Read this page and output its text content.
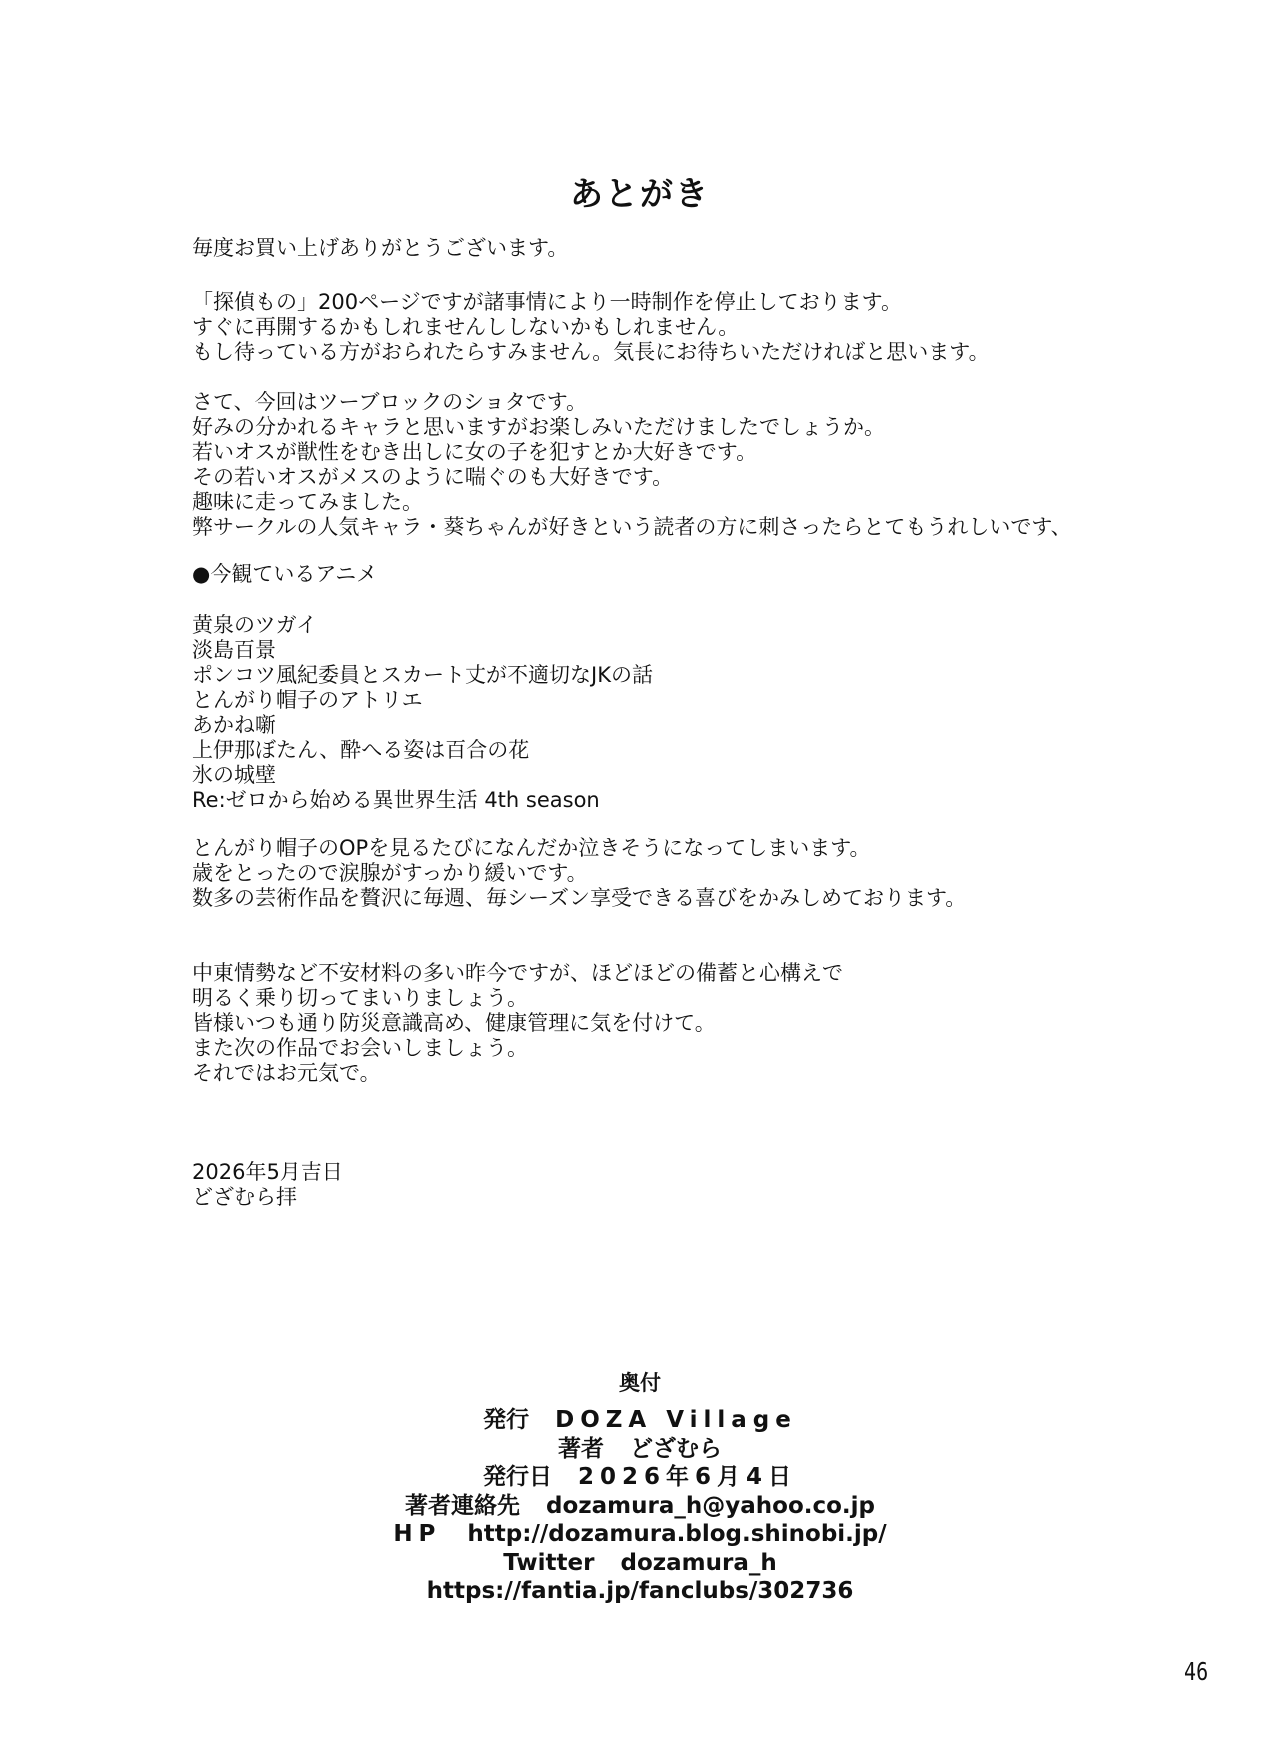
あとがき

毎度お買い上げありがとうございます。

「探偵もの」200ページですが諸事情により一時制作を停止しております。

すぐに再開するかもしれませんししないかもしれません。

もし待っている方がおられたらすみません。気長にお待ちいただければと思います。

さて、今回はツーブロックのショタです。

好みの分かれるキャラと思いますがお楽しみいただけましたでしょうか。

若いオスが獣性をむき出しに女の子を犯すとか大好きです。

その若いオスがメスのように喘ぐのも大好きです。

趣味に走ってみました。

弊サークルの人気キャラ・葵ちゃんが好きという読者の方に刺さったらとてもうれしいです、

●今観ているアニメ

黄泉のツガイ

淡島百景

ポンコツ風紀委員とスカート丈が不適切なJKの話

とんがり帽子のアトリエ

あかね噺

上伊那ぼたん、酔へる姿は百合の花

氷の城壁

Re:ゼロから始める異世界生活 4th season

とんがり帽子のOPを見るたびになんだか泣きそうになってしまいます。

歳をとったので涙腺がすっかり緩いです。

数多の芸術作品を贅沢に毎週、毎シーズン享受できる喜びをかみしめております。

中東情勢など不安材料の多い昨今ですが、ほどほどの備蓄と心構えで

明るく乗り切ってまいりましょう。

皆様いつも通り防災意識高め、健康管理に気を付けて。

また次の作品でお会いしましょう。

それではお元気で。

2026年5月吉日

どざむら拝

奥付

発行 DOZA Village

著者 どざむら

発行日 2026年6月4日

著者連絡先 dozamura_h@yahoo.co.jp

HP http://dozamura.blog.shinobi.jp/

Twitter dozamura_h

https://fantia.jp/fanclubs/302736

46
